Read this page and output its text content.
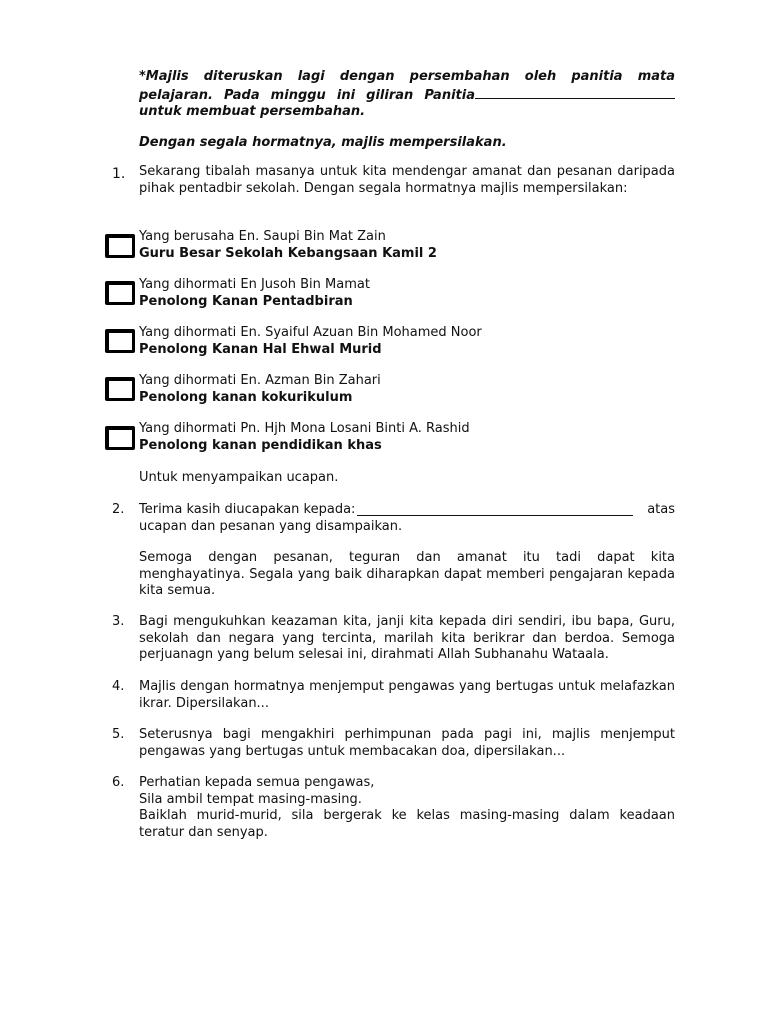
*Majlis diteruskan lagi dengan persembahan oleh panitia mata pelajaran. Pada minggu ini giliran Panitia untuk membuat persembahan.
Dengan segala hormatnya, majlis mempersilakan.
1.	Sekarang tibalah masanya untuk kita mendengar amanat dan pesanan daripada pihak pentadbir sekolah. Dengan segala hormatnya majlis mempersilakan:
Yang berusaha En. Saupi Bin Mat Zain
Guru Besar Sekolah Kebangsaan Kamil 2
Yang dihormati En Jusoh Bin Mamat
Penolong Kanan Pentadbiran
Yang dihormati En. Syaiful Azuan Bin Mohamed Noor
Penolong Kanan Hal Ehwal Murid
Yang dihormati En. Azman Bin Zahari
Penolong kanan kokurikulum
Yang dihormati Pn. Hjh Mona Losani Binti A. Rashid
Penolong kanan pendidikan khas
Untuk menyampaikan ucapan.
2.	Terima kasih diucapakan kepada:	atas
ucapan dan pesanan yang disampaikan.
Semoga dengan pesanan, teguran dan amanat itu tadi dapat kita menghayatinya. Segala yang baik diharapkan dapat memberi pengajaran kepada kita semua.
3.	Bagi mengukuhkan keazaman kita, janji kita kepada diri sendiri, ibu bapa, Guru, sekolah dan negara yang tercinta, marilah kita berikrar dan berdoa. Semoga perjuanagn yang belum selesai ini, dirahmati Allah Subhanahu Wataala.
4.	Majlis dengan hormatnya menjemput pengawas yang bertugas untuk melafazkan ikrar. Dipersilakan...
5.	Seterusnya bagi mengakhiri perhimpunan pada pagi ini, majlis menjemput pengawas yang bertugas untuk membacakan doa, dipersilakan...
6.	Perhatian kepada semua pengawas,
Sila ambil tempat masing-masing.
Baiklah murid-murid, sila bergerak ke kelas masing-masing dalam keadaan teratur dan senyap.
